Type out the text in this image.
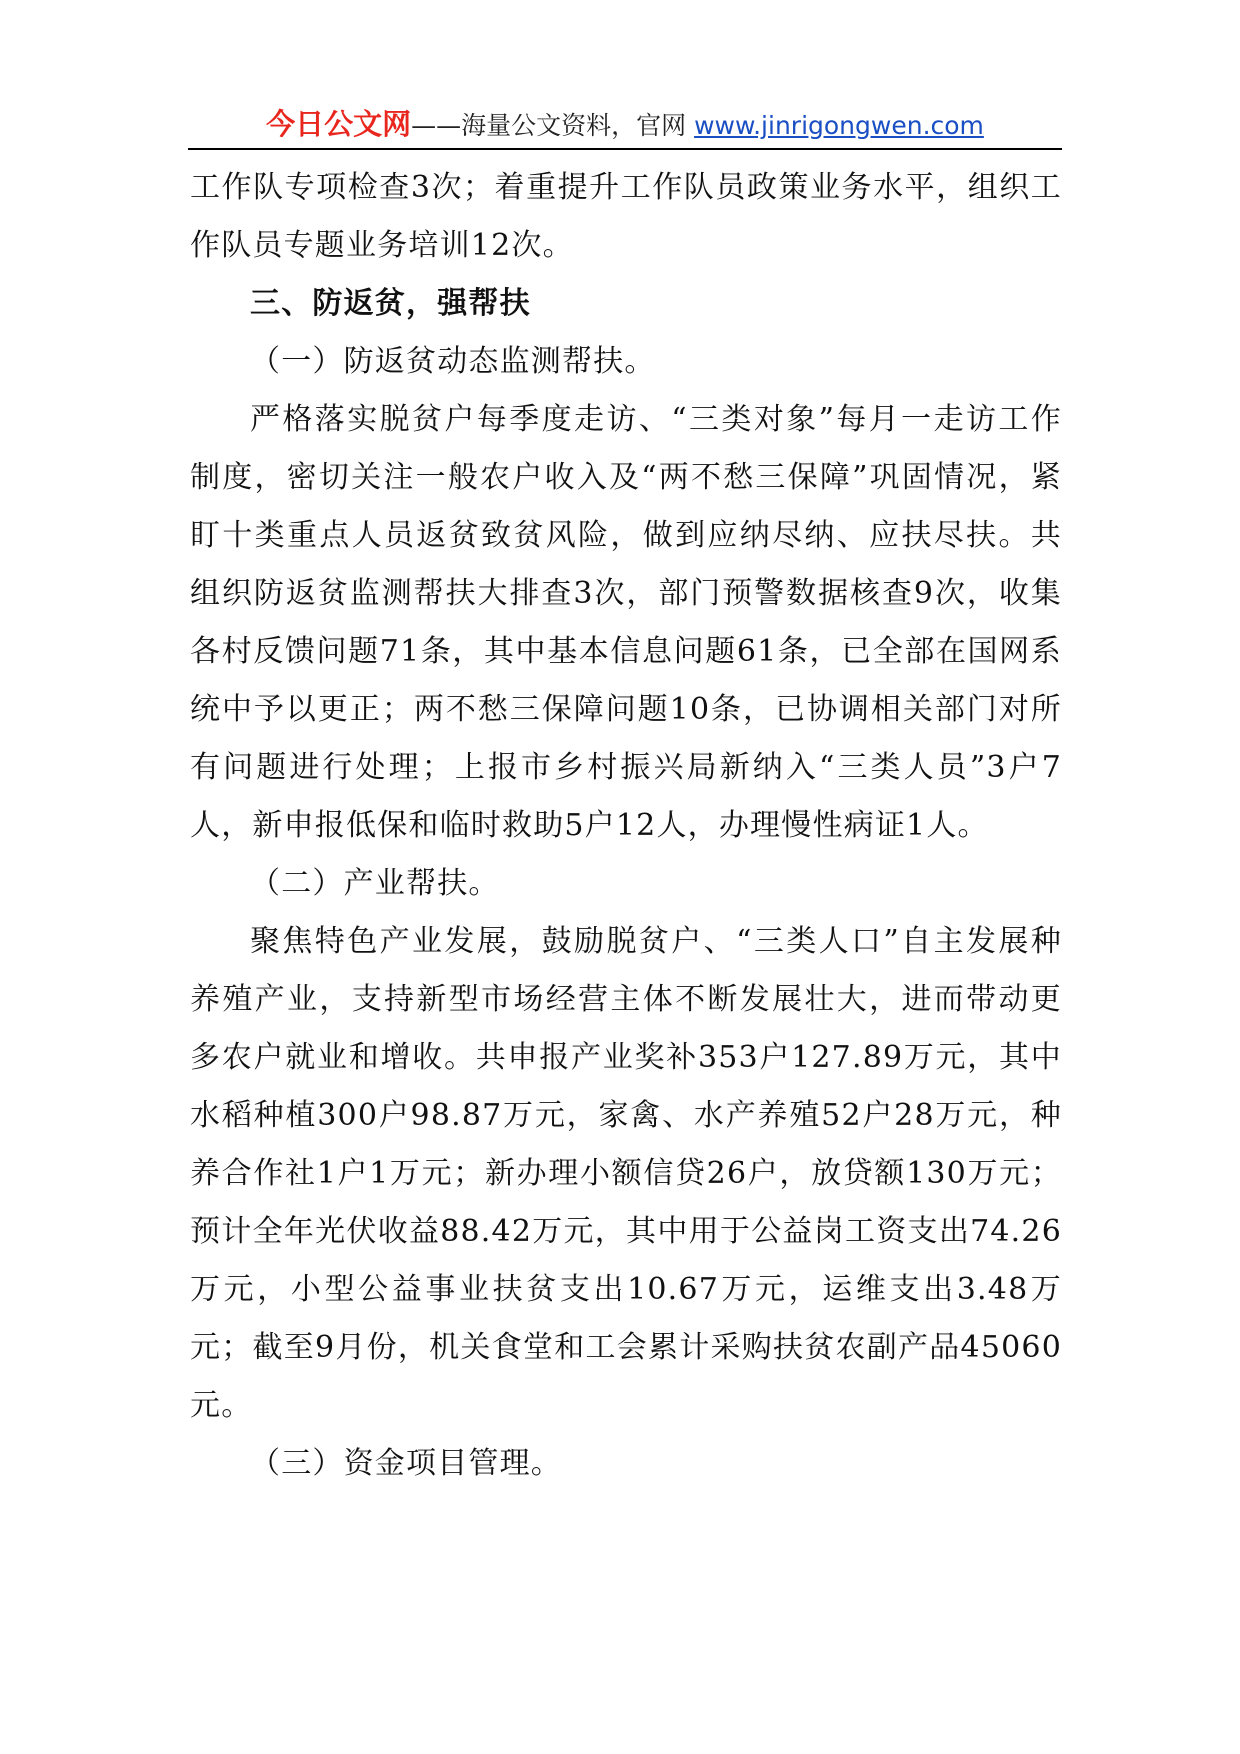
今日公文网——海量公文资料，官网 www.jinrigongwen.com

工作队专项检查3次；着重提升工作队员政策业务水平，组织工作队员专题业务培训12次。

三、防返贫，强帮扶

（一）防返贫动态监测帮扶。

严格落实脱贫户每季度走访、“三类对象”每月一走访工作制度，密切关注一般农户收入及“两不愁三保障”巩固情况，紧盯十类重点人员返贫致贫风险，做到应纳尽纳、应扶尽扶。共组织防返贫监测帮扶大排查3次，部门预警数据核查9次，收集各村反馈问题71条，其中基本信息问题61条，已全部在国网系统中予以更正；两不愁三保障问题10条，已协调相关部门对所有问题进行处理；上报市乡村振兴局新纳入“三类人员”3户7人，新申报低保和临时救助5户12人，办理慢性病证1人。

（二）产业帮扶。

聚焦特色产业发展，鼓励脱贫户、“三类人口”自主发展种养殖产业，支持新型市场经营主体不断发展壮大，进而带动更多农户就业和增收。共申报产业奖补353户127.89万元，其中水稻种植300户98.87万元，家禽、水产养殖52户28万元，种养合作社1户1万元；新办理小额信贷26户，放贷额130万元；预计全年光伏收益88.42万元，其中用于公益岗工资支出74.26万元，小型公益事业扶贫支出10.67万元，运维支出3.48万元；截至9月份，机关食堂和工会累计采购扶贫农副产品45060元。

（三）资金项目管理。
